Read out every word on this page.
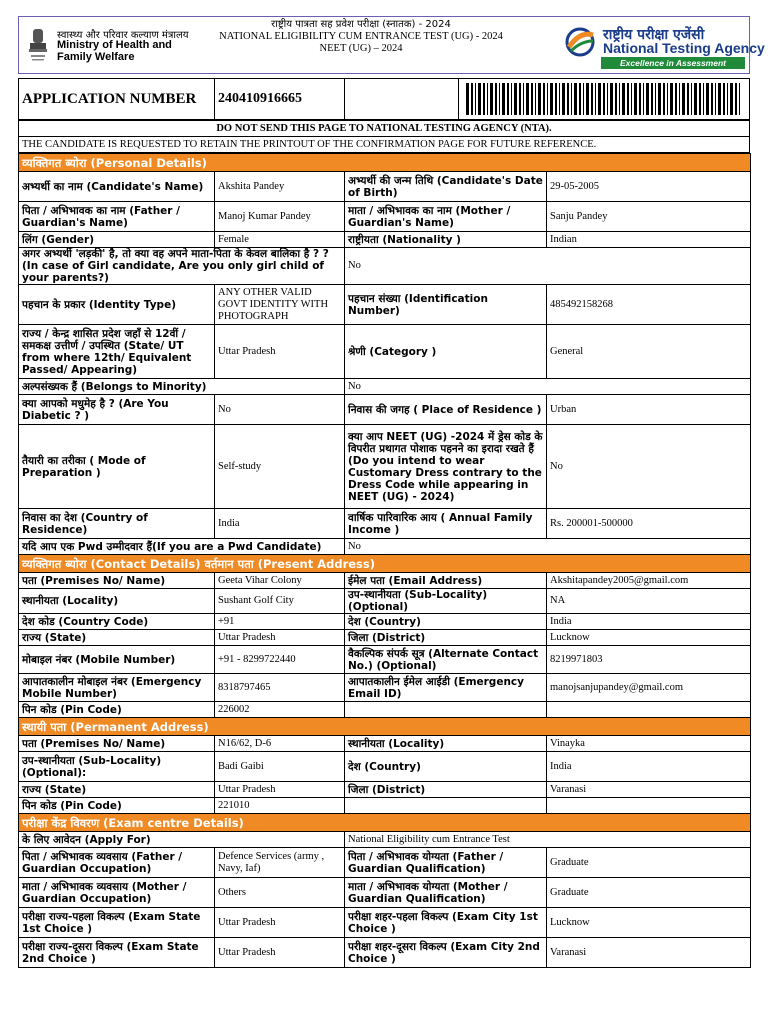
स्वास्थ्य और परिवार कल्याण मंत्रालय
Ministry of Health and
Family Welfare
राष्ट्रीय पात्रता सह प्रवेश परीक्षा (स्नातक) - 2024
NATIONAL ELIGIBILITY CUM ENTRANCE TEST (UG) - 2024
NEET (UG) – 2024
राष्ट्रीय परीक्षा एजेंसी
National Testing Agency
Excellence in Assessment
APPLICATION NUMBER	240410916665
DO NOT SEND THIS PAGE TO NATIONAL TESTING AGENCY (NTA).
THE CANDIDATE IS REQUESTED TO RETAIN THE PRINTOUT OF THE CONFIRMATION PAGE FOR FUTURE REFERENCE.
व्यक्तिगत ब्योरा (Personal Details)			
अभ्यर्थी का नाम (Candidate's Name)	Akshita Pandey	अभ्यर्थी की जन्म तिथि (Candidate's Date of Birth)	29-05-2005
पिता / अभिभावक का नाम (Father / Guardian's Name)	Manoj Kumar Pandey	माता / अभिभावक का नाम (Mother / Guardian's Name)	Sanju Pandey
लिंग (Gender)	Female	राष्ट्रीयता (Nationality )	Indian
अगर अभ्यर्थी 'लड़की' है, तो क्या वह अपने माता-पिता के केवल बालिका है ? ?(In case of Girl candidate, Are you only girl child of your parents?)		No	
पहचान के प्रकार (Identity Type)	ANY OTHER VALID GOVT IDENTITY WITH PHOTOGRAPH	पहचान संख्या (Identification Number)	485492158268
राज्य / केन्द्र शासित प्रदेश जहाँ से 12वीं / समकक्ष उत्तीर्ण / उपस्थित (State/ UT from where 12th/ Equivalent Passed/ Appearing)	Uttar Pradesh	श्रेणी (Category )	General
अल्पसंख्यक हैं (Belongs to Minority)		No	
क्या आपको मधुमेह है ? (Are You Diabetic ? )	No	निवास की जगह ( Place of Residence )	Urban
तैयारी का तरीका ( Mode of Preparation )	Self-study	क्या आप NEET (UG) -2024 में ड्रेस कोड के विपरीत प्रथागत पोशाक पहनने का इरादा रखते हैं (Do you intend to wear Customary Dress contrary to the Dress Code while appearing in NEET (UG) - 2024)	No
निवास का देश (Country of Residence)	India	वार्षिक पारिवारिक आय ( Annual Family Income )	Rs. 200001-500000
यदि आप एक Pwd उम्मीदवार हैं(If you are a Pwd Candidate)		No	
व्यक्तिगत ब्योरा (Contact Details) वर्तमान पता (Present Address)			
पता (Premises No/ Name)	Geeta Vihar Colony	ईमेल पता (Email Address)	Akshitapandey2005@gmail.com
स्थानीयता (Locality)	Sushant Golf City	उप-स्थानीयता (Sub-Locality)(Optional)	NA
देश कोड (Country Code)	+91	देश (Country)	India
राज्य (State)	Uttar Pradesh	जिला (District)	Lucknow
मोबाइल नंबर (Mobile Number)	+91 - 8299722440	वैकल्पिक संपर्क सूत्र (Alternate Contact No.) (Optional)	8219971803
आपातकालीन मोबाइल नंबर (Emergency Mobile Number)	8318797465	आपातकालीन ईमेल आईडी (Emergency Email ID)	manojsanjupandey@gmail.com
पिन कोड (Pin Code)	226002		
स्थायी पता (Permanent Address)			
पता (Premises No/ Name)	N16/62, D-6	स्थानीयता (Locality)	Vinayka
उप-स्थानीयता (Sub-Locality)(Optional):	Badi Gaibi	देश (Country)	India
राज्य (State)	Uttar Pradesh	जिला (District)	Varanasi
पिन कोड (Pin Code)	221010		
परीक्षा केंद्र विवरण (Exam centre Details)			
के लिए आवेदन (Apply For)		National Eligibility cum Entrance Test	
पिता / अभिभावक व्यवसाय (Father / Guardian Occupation)	Defence Services (army , Navy, Iaf)	पिता / अभिभावक योग्यता (Father / Guardian Qualification)	Graduate
माता / अभिभावक व्यवसाय (Mother / Guardian Occupation)	Others	माता / अभिभावक योग्यता (Mother / Guardian Qualification)	Graduate
परीक्षा राज्य-पहला विकल्प (Exam State 1st Choice )	Uttar Pradesh	परीक्षा शहर-पहला विकल्प (Exam City 1st Choice )	Lucknow
परीक्षा राज्य-दूसरा विकल्प (Exam State 2nd Choice )	Uttar Pradesh	परीक्षा शहर-दूसरा विकल्प (Exam City 2nd Choice )	Varanasi
